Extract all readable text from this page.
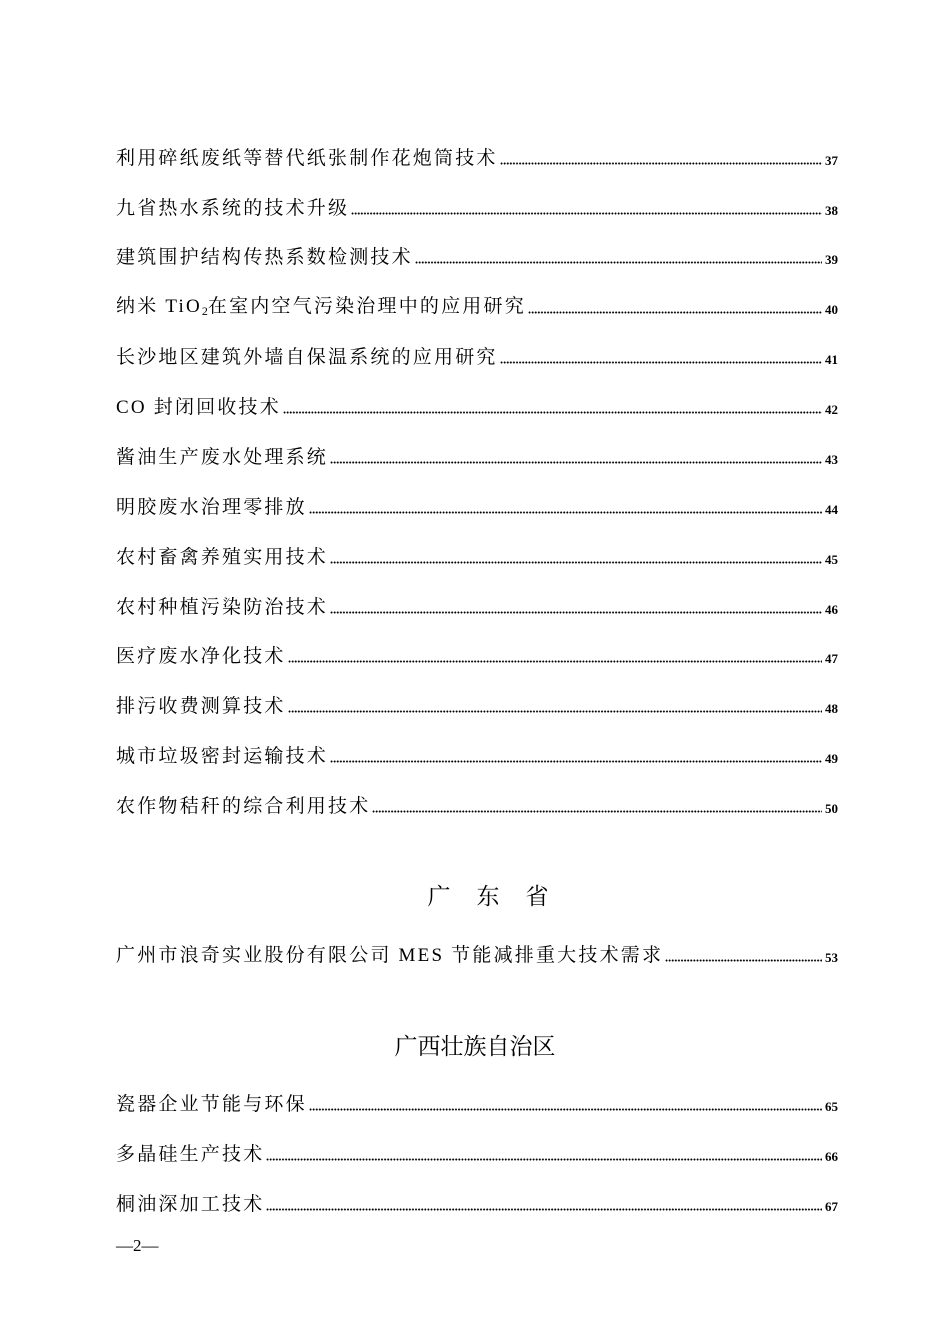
利用碎纸废纸等替代纸张制作花炮筒技术	37
九省热水系统的技术升级	38
建筑围护结构传热系数检测技术	39
纳米 TiO$_2$在室内空气污染治理中的应用研究	40
长沙地区建筑外墙自保温系统的应用研究	41
CO 封闭回收技术	42
酱油生产废水处理系统	43
明胶废水治理零排放	44
农村畜禽养殖实用技术	45
农村种植污染防治技术	46
医疗废水净化技术	47
排污收费测算技术	48
城市垃圾密封运输技术	49
农作物秸秆的综合利用技术	50
广东省
广州市浪奇实业股份有限公司 MES 节能减排重大技术需求	53
广西壮族自治区
瓷器企业节能与环保	65
多晶硅生产技术	66
桐油深加工技术	67
—2—
